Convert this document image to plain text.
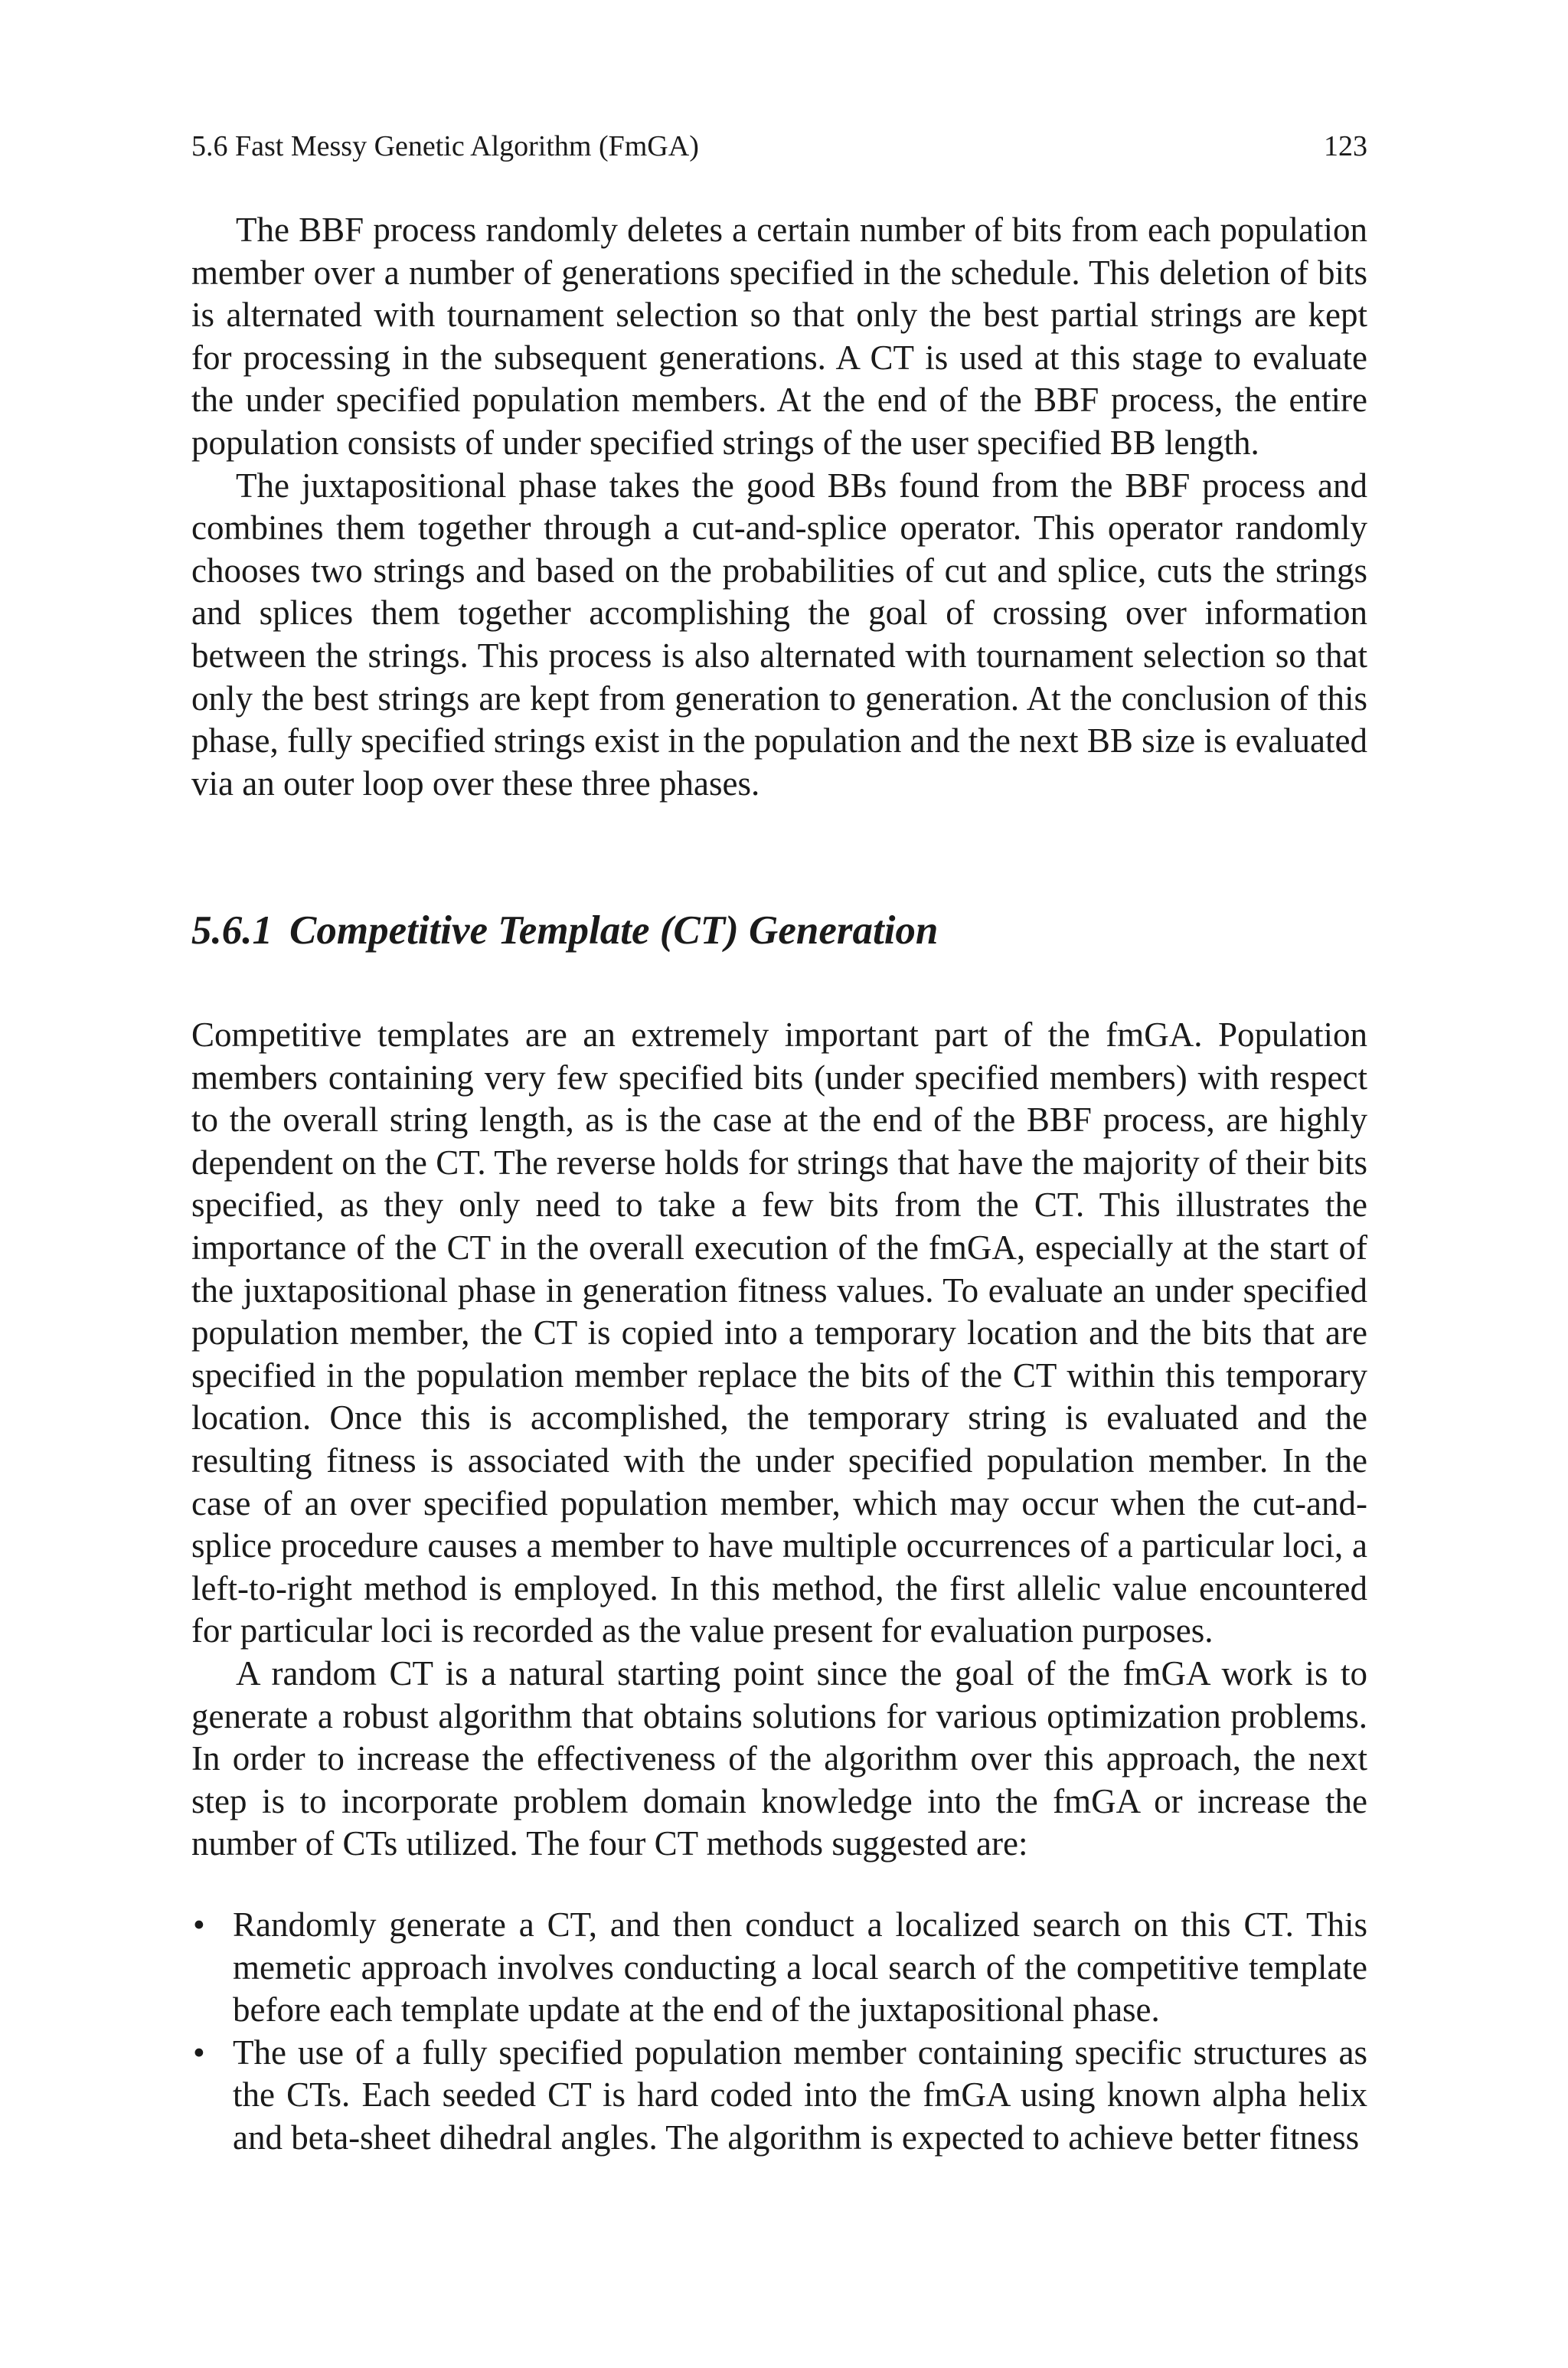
5.6 Fast Messy Genetic Algorithm (FmGA)	123

The BBF process randomly deletes a certain number of bits from each population member over a number of generations specified in the schedule. This deletion of bits is alternated with tournament selection so that only the best partial strings are kept for processing in the subsequent generations. A CT is used at this stage to evaluate the under specified population members. At the end of the BBF process, the entire population consists of under specified strings of the user specified BB length.

The juxtapositional phase takes the good BBs found from the BBF process and combines them together through a cut-and-splice operator. This operator randomly chooses two strings and based on the probabilities of cut and splice, cuts the strings and splices them together accomplishing the goal of crossing over information between the strings. This process is also alternated with tournament selection so that only the best strings are kept from generation to generation. At the conclusion of this phase, fully specified strings exist in the population and the next BB size is evaluated via an outer loop over these three phases.

5.6.1 Competitive Template (CT) Generation

Competitive templates are an extremely important part of the fmGA. Population members containing very few specified bits (under specified members) with respect to the overall string length, as is the case at the end of the BBF process, are highly dependent on the CT. The reverse holds for strings that have the majority of their bits specified, as they only need to take a few bits from the CT. This illustrates the importance of the CT in the overall execution of the fmGA, especially at the start of the juxtapositional phase in generation fitness values. To evaluate an under specified population member, the CT is copied into a temporary location and the bits that are specified in the population member replace the bits of the CT within this temporary location. Once this is accomplished, the temporary string is evaluated and the resulting fitness is associated with the under specified population member. In the case of an over specified population member, which may occur when the cut-and-splice procedure causes a member to have multiple occurrences of a particular loci, a left-to-right method is employed. In this method, the first allelic value encountered for particular loci is recorded as the value present for evaluation purposes.

A random CT is a natural starting point since the goal of the fmGA work is to generate a robust algorithm that obtains solutions for various optimization problems. In order to increase the effectiveness of the algorithm over this approach, the next step is to incorporate problem domain knowledge into the fmGA or increase the number of CTs utilized. The four CT methods suggested are:

• Randomly generate a CT, and then conduct a localized search on this CT. This memetic approach involves conducting a local search of the competitive template before each template update at the end of the juxtapositional phase.
• The use of a fully specified population member containing specific structures as the CTs. Each seeded CT is hard coded into the fmGA using known alpha helix and beta-sheet dihedral angles. The algorithm is expected to achieve better fitness
